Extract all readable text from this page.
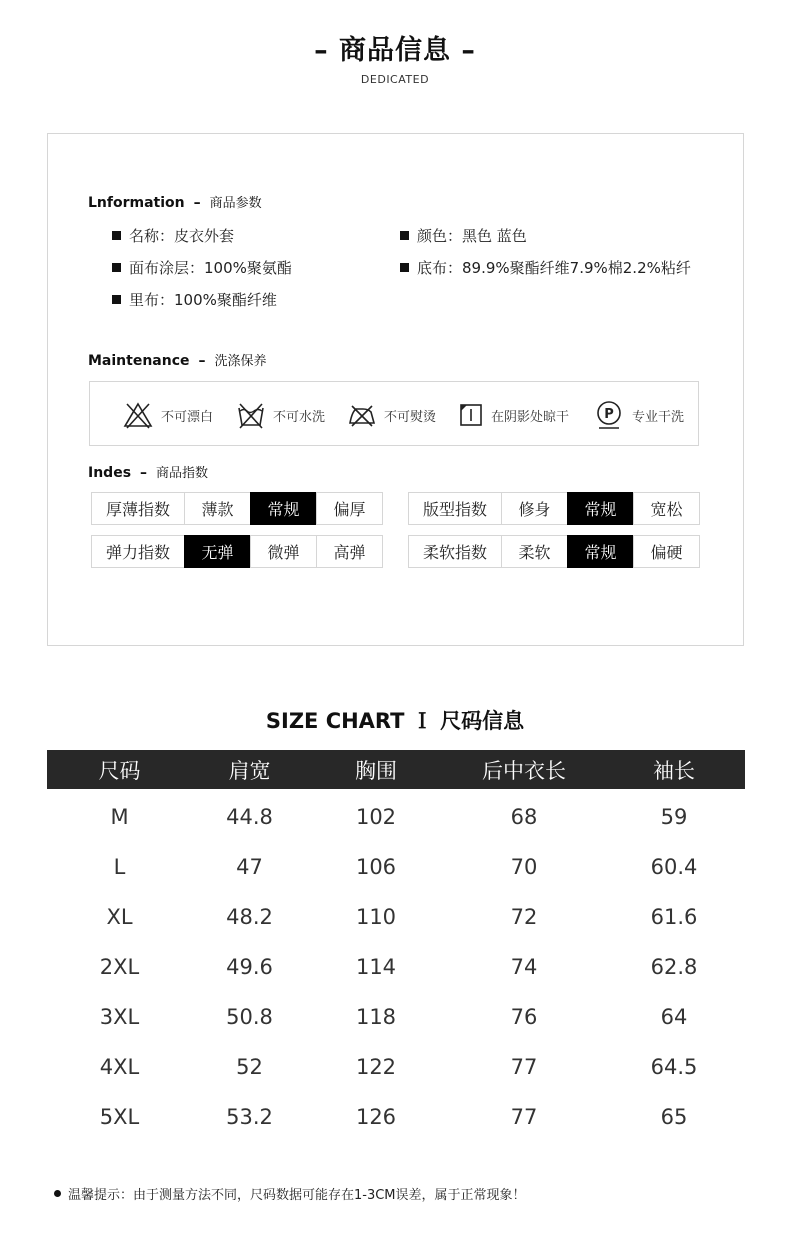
– 商品信息 –
DEDICATED
Lnformation – 商品参数
名称：皮衣外套	颜色：黑色 蓝色
面布涂层：100%聚氨酯	底布：89.9%聚酯纤维7.9%棉2.2%粘纤
里布：100%聚酯纤维
Maintenance – 洗涤保养
不可漂白	不可水洗	不可熨烫	在阴影处晾干	P 专业干洗
Indes – 商品指数
厚薄指数	薄款	常规	偏厚	版型指数	修身	常规	宽松
弹力指数	无弹	微弹	高弹	柔软指数	柔软	常规	偏硬
SIZE CHART Ｉ 尺码信息
尺码	肩宽	胸围	后中衣长	袖长
M	44.8	102	68	59
L	47	106	70	60.4
XL	48.2	110	72	61.6
2XL	49.6	114	74	62.8
3XL	50.8	118	76	64
4XL	52	122	77	64.5
5XL	53.2	126	77	65
温馨提示：由于测量方法不同，尺码数据可能存在1-3CM误差，属于正常现象！
